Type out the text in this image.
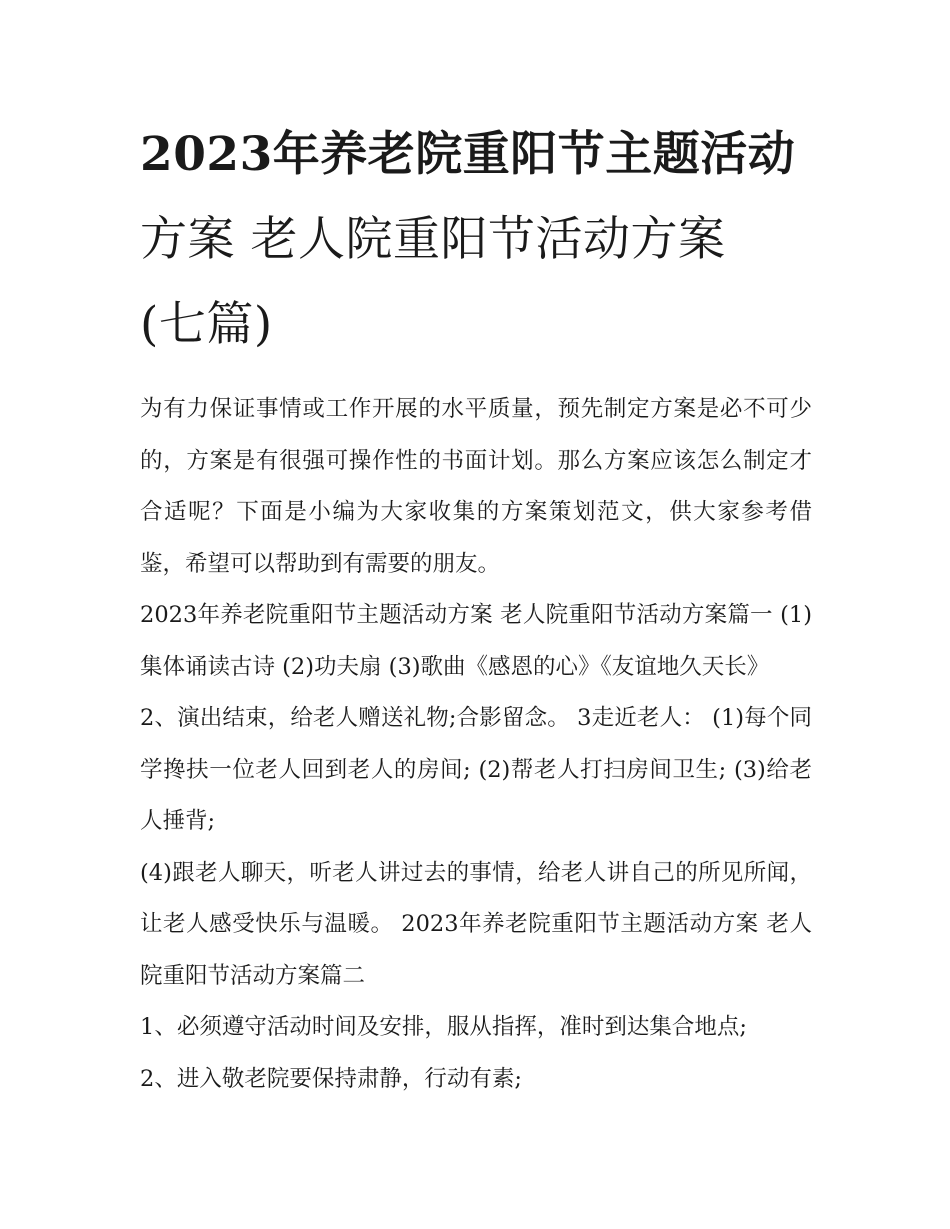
2023年养老院重阳节主题活动
方案 老人院重阳节活动方案
(七篇)

为有力保证事情或工作开展的水平质量，预先制定方案是必不可少的，方案是有很强可操作性的书面计划。那么方案应该怎么制定才合适呢？下面是小编为大家收集的方案策划范文，供大家参考借鉴，希望可以帮助到有需要的朋友。

2023年养老院重阳节主题活动方案 老人院重阳节活动方案篇一 (1)集体诵读古诗 (2)功夫扇 (3)歌曲《感恩的心》《友谊地久天长》

2、演出结束，给老人赠送礼物;合影留念。 3走近老人： (1)每个同学搀扶一位老人回到老人的房间; (2)帮老人打扫房间卫生; (3)给老人捶背;

(4)跟老人聊天，听老人讲过去的事情，给老人讲自己的所见所闻，让老人感受快乐与温暖。 2023年养老院重阳节主题活动方案 老人院重阳节活动方案篇二

1、必须遵守活动时间及安排，服从指挥，准时到达集合地点;

2、进入敬老院要保持肃静，行动有素;
